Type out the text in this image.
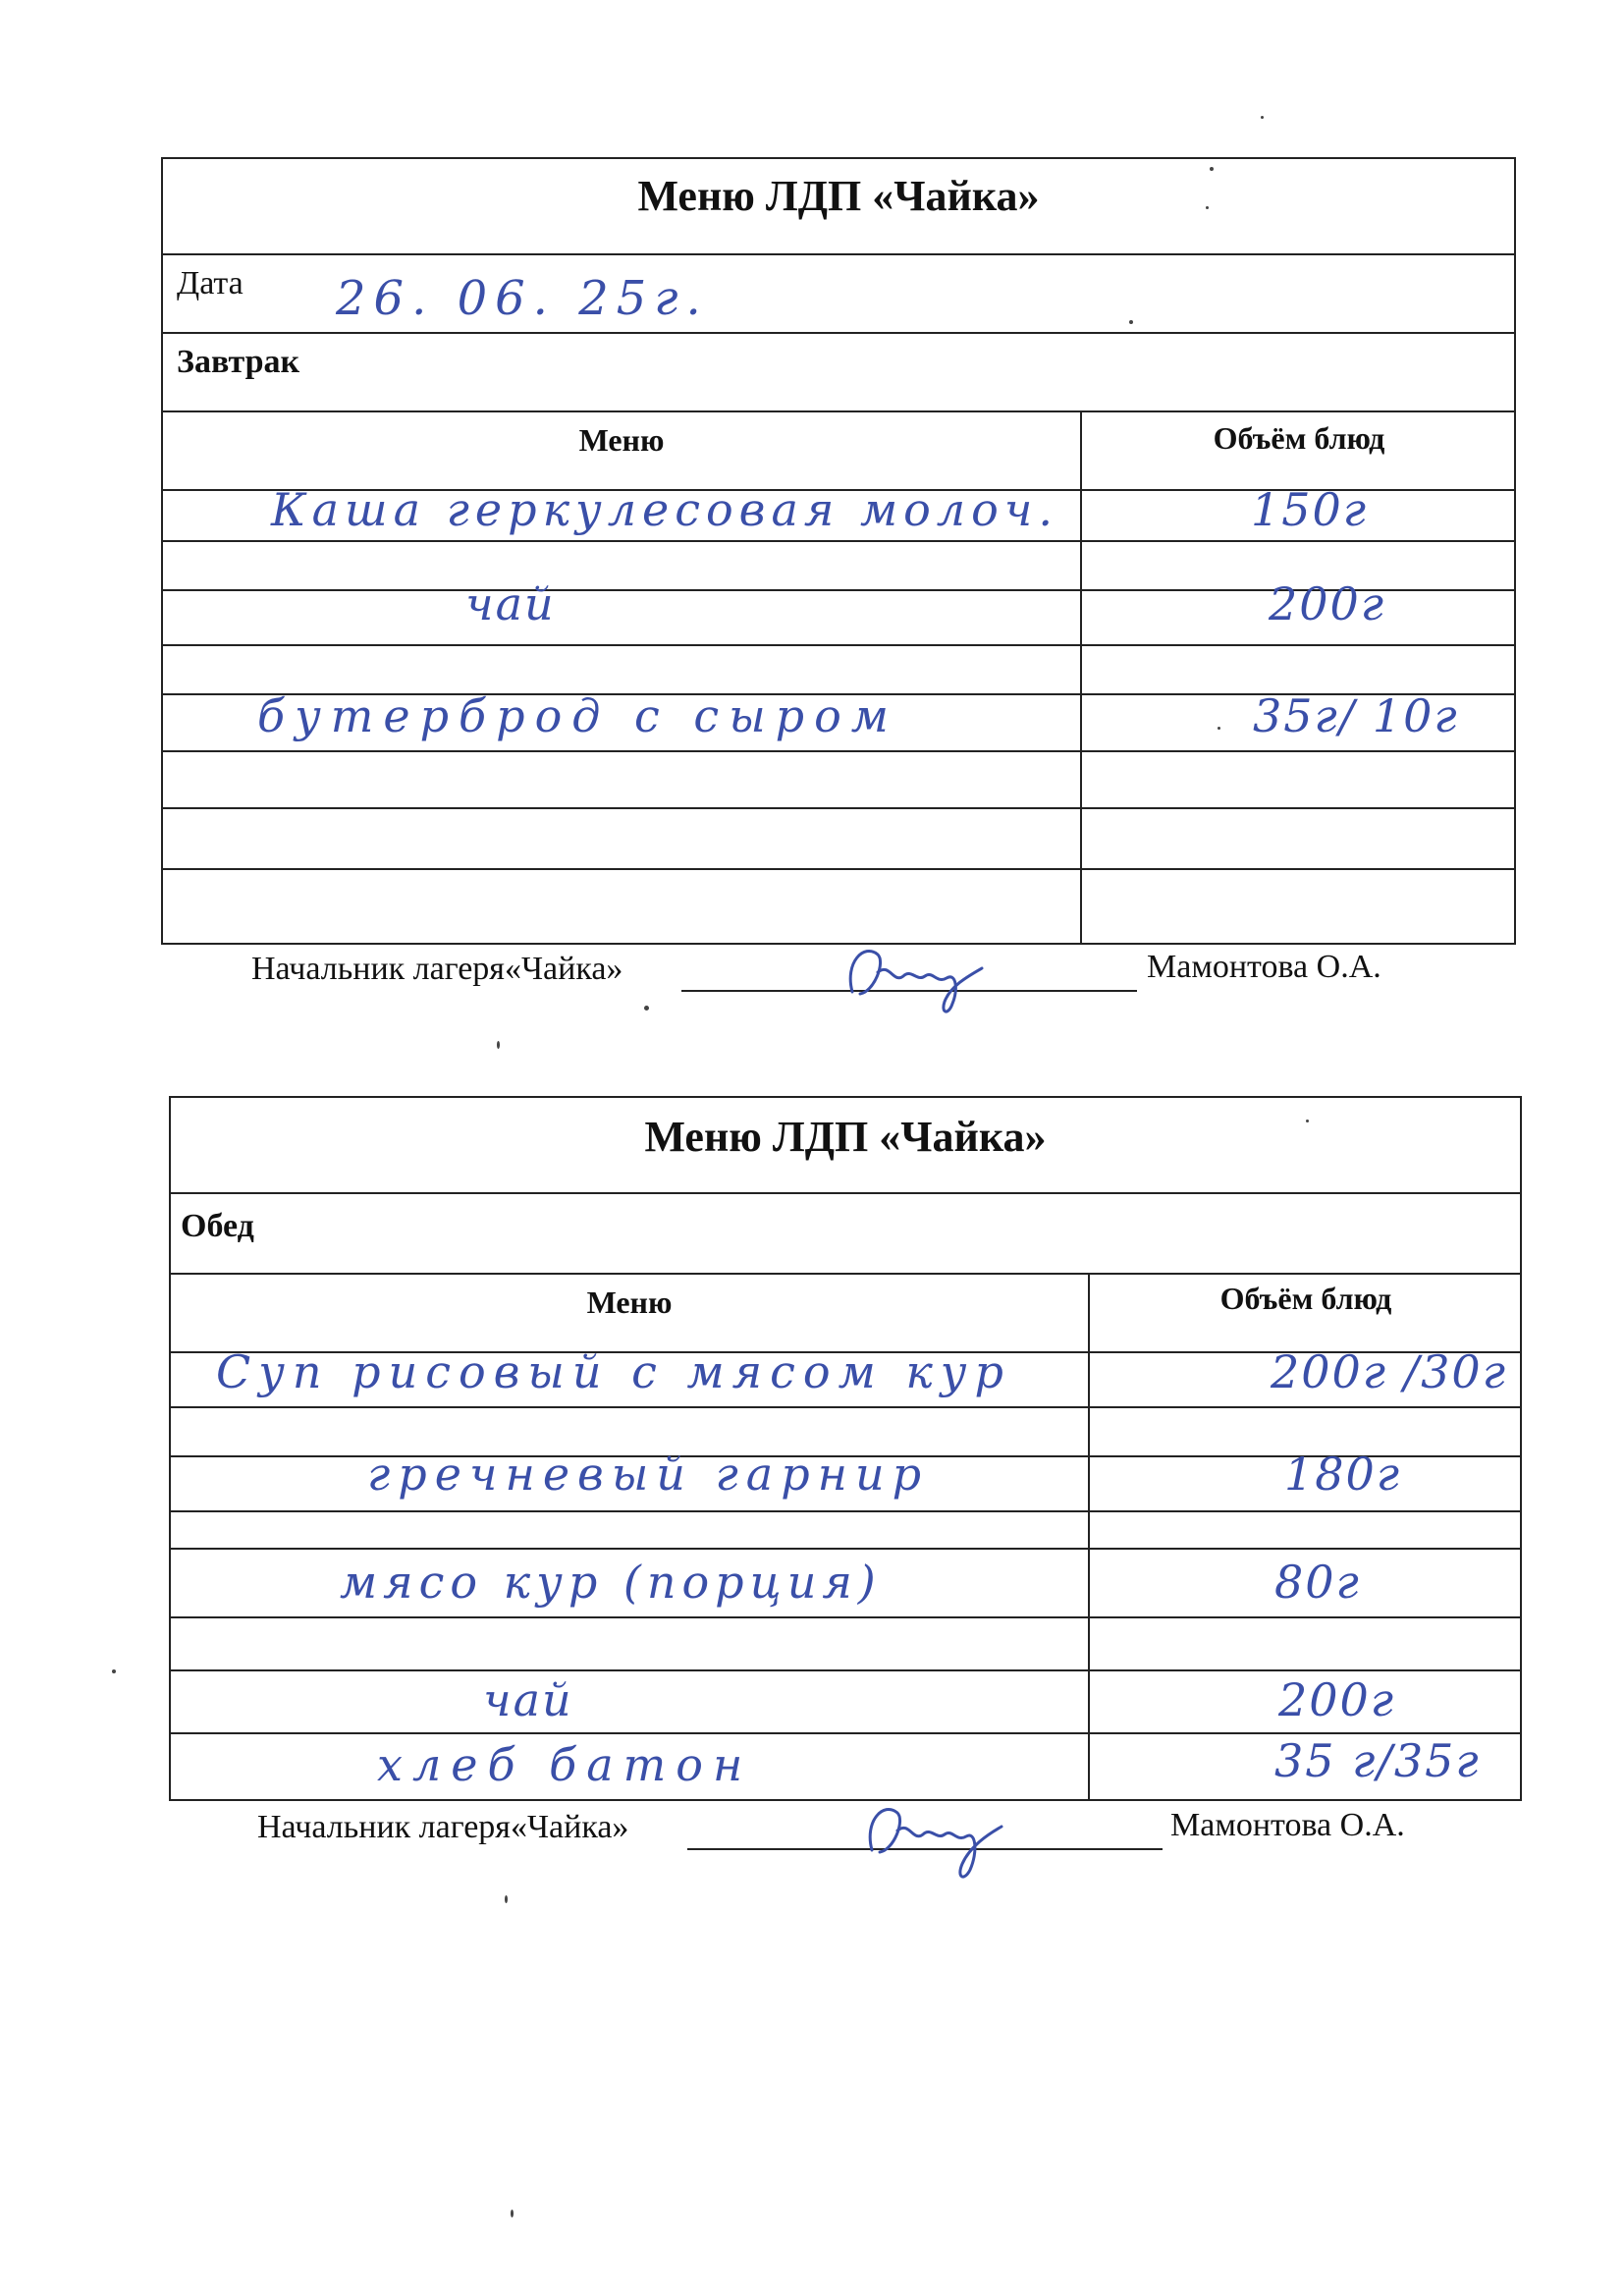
Меню ЛДП «Чайка»
Дата 26. 06. 25г.
Завтрак
Меню	Объём блюд
Каша геркулесовая молоч.	150г
чай	200г
бутерброд с сыром	35г/ 10г
Начальник лагеря«Чайка»	Мамонтова О.А.
Меню ЛДП «Чайка»
Обед
Меню	Объём блюд
Суп рисовый с мясом кур	200г /30г
гречневый гарнир	180г
мясо кур (порция)	80г
чай	200г
хлеб батон	35 г/35г
Начальник лагеря«Чайка»	Мамонтова О.А.
